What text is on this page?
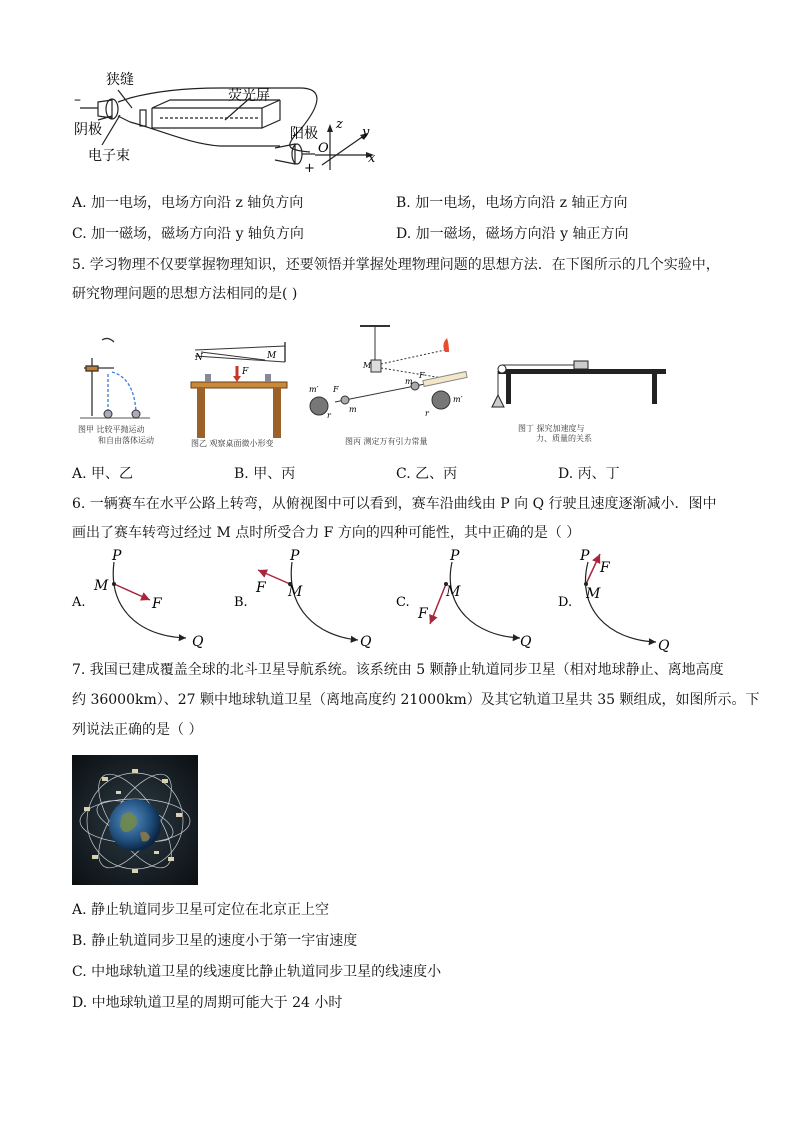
狭缝
荧光屏
阴极	阳极
电子束
–
+
z
y
O
x
A. 加一电场，电场方向沿 z 轴负方向	B. 加一电场，电场方向沿 z 轴正方向
C. 加一磁场，磁场方向沿 y 轴负方向	D. 加一磁场，磁场方向沿 y 轴正方向
5. 学习物理不仅要掌握物理知识，还要领悟并掌握处理物理问题的思想方法．在下图所示的几个实验中，
研究物理问题的思想方法相同的是( )
图甲 比较平抛运动
和自由落体运动
N	M
F
图乙 观察桌面微小形变
m′ F
m
r
M
m
F
m′
r
图丙 测定万有引力常量
图丁 探究加速度与
力、质量的关系
A. 甲、乙	B. 甲、丙	C. 乙、丙	D. 丙、丁
6. 一辆赛车在水平公路上转弯，从俯视图中可以看到，赛车沿曲线由 P 向 Q 行驶且速度逐渐减小．图中
画出了赛车转弯过经过 M 点时所受合力 F 方向的四种可能性，其中正确的是（ ）
A.
P
M
F
Q
B.
P
M
F
Q
C.
P
M
F
Q
D.
P
M
F
Q
7. 我国已建成覆盖全球的北斗卫星导航系统。该系统由 5 颗静止轨道同步卫星（相对地球静止、离地高度
约 36000km）、27 颗中地球轨道卫星（离地高度约 21000km）及其它轨道卫星共 35 颗组成，如图所示。下
列说法正确的是（ ）
A. 静止轨道同步卫星可定位在北京正上空
B. 静止轨道同步卫星的速度小于第一宇宙速度
C. 中地球轨道卫星的线速度比静止轨道同步卫星的线速度小
D. 中地球轨道卫星的周期可能大于 24 小时
